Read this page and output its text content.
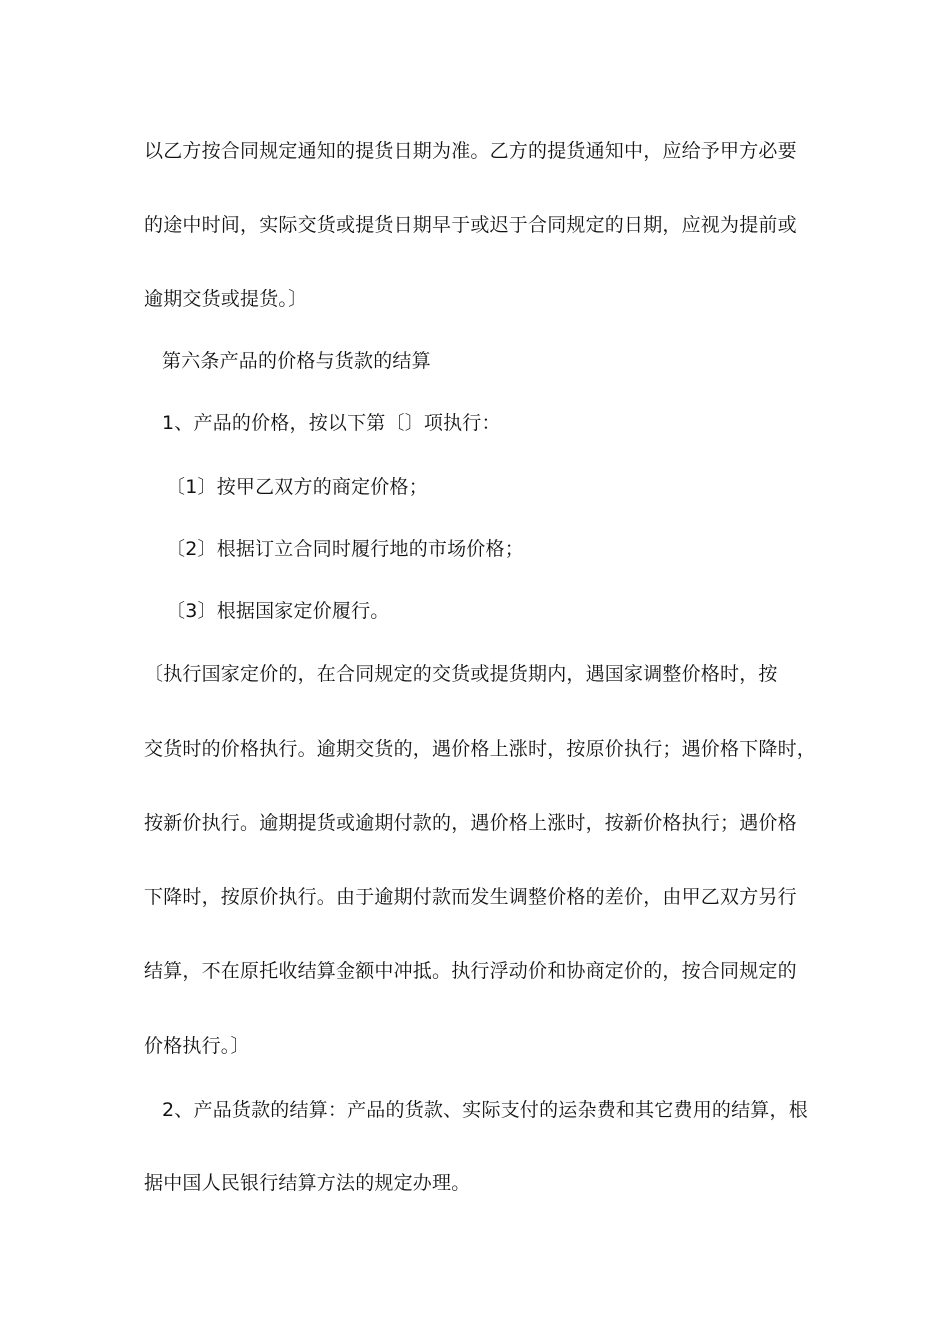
以乙方按合同规定通知的提货日期为准。乙方的提货通知中，应给予甲方必要
的途中时间，实际交货或提货日期早于或迟于合同规定的日期，应视为提前或
逾期交货或提货。〕
第六条产品的价格与货款的结算
1、产品的价格，按以下第〔〕项执行：
〔1〕按甲乙双方的商定价格；
〔2〕根据订立合同时履行地的市场价格；
〔3〕根据国家定价履行。
〔执行国家定价的，在合同规定的交货或提货期内，遇国家调整价格时，按
交货时的价格执行。逾期交货的，遇价格上涨时，按原价执行；遇价格下降时，
按新价执行。逾期提货或逾期付款的，遇价格上涨时，按新价格执行；遇价格
下降时，按原价执行。由于逾期付款而发生调整价格的差价，由甲乙双方另行
结算，不在原托收结算金额中冲抵。执行浮动价和协商定价的，按合同规定的
价格执行。〕
2、产品货款的结算：产品的货款、实际支付的运杂费和其它费用的结算，根
据中国人民银行结算方法的规定办理。
